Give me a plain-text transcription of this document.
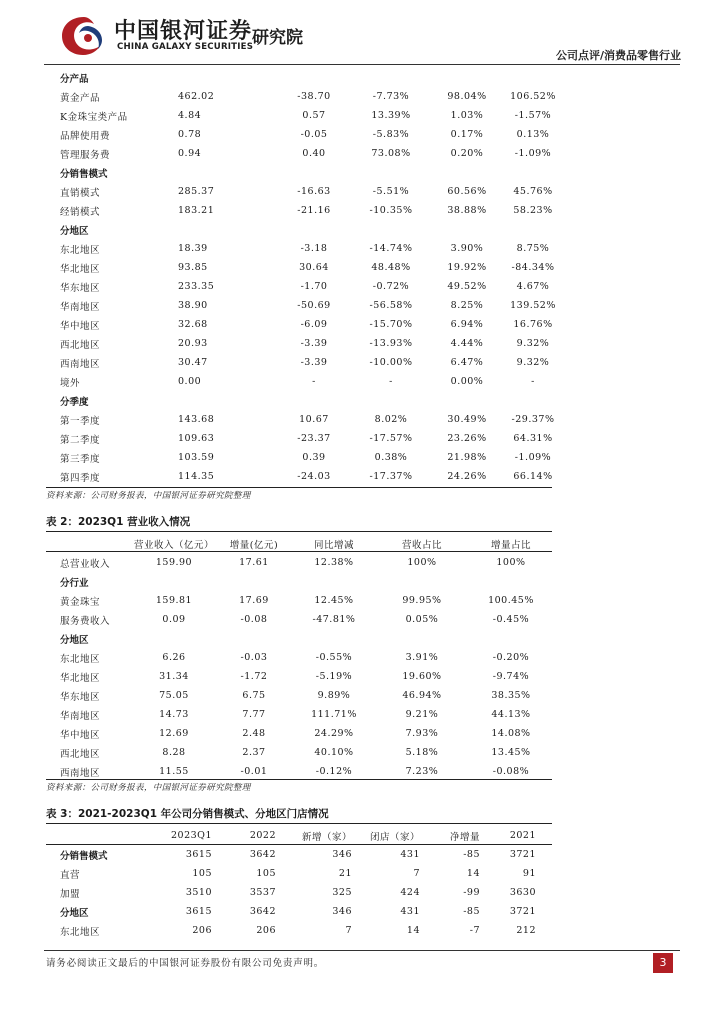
中国银河证券
CHINA GALAXY SECURITIES
研究院
公司点评/消费品零售行业
分产品					
黄金产品	462.02	-38.70	-7.73%	98.04%	106.52%
K金珠宝类产品	4.84	0.57	13.39%	1.03%	-1.57%
品牌使用费	0.78	-0.05	-5.83%	0.17%	0.13%
管理服务费	0.94	0.40	73.08%	0.20%	-1.09%
分销售模式					
直销模式	285.37	-16.63	-5.51%	60.56%	45.76%
经销模式	183.21	-21.16	-10.35%	38.88%	58.23%
分地区					
东北地区	18.39	-3.18	-14.74%	3.90%	8.75%
华北地区	93.85	30.64	48.48%	19.92%	-84.34%
华东地区	233.35	-1.70	-0.72%	49.52%	4.67%
华南地区	38.90	-50.69	-56.58%	8.25%	139.52%
华中地区	32.68	-6.09	-15.70%	6.94%	16.76%
西北地区	20.93	-3.39	-13.93%	4.44%	9.32%
西南地区	30.47	-3.39	-10.00%	6.47%	9.32%
境外	0.00	-	-	0.00%	-
分季度					
第一季度	143.68	10.67	8.02%	30.49%	-29.37%
第二季度	109.63	-23.37	-17.57%	23.26%	64.31%
第三季度	103.59	0.39	0.38%	21.98%	-1.09%
第四季度	114.35	-24.03	-17.37%	24.26%	66.14%
资料来源：公司财务报表，中国银河证券研究院整理
表 2：2023Q1 营业收入情况
	营业收入（亿元）	增量(亿元)	同比增减	营收占比	增量占比
总营业收入	159.90	17.61	12.38%	100%	100%
分行业					
黄金珠宝	159.81	17.69	12.45%	99.95%	100.45%
服务费收入	0.09	-0.08	-47.81%	0.05%	-0.45%
分地区					
东北地区	6.26	-0.03	-0.55%	3.91%	-0.20%
华北地区	31.34	-1.72	-5.19%	19.60%	-9.74%
华东地区	75.05	6.75	9.89%	46.94%	38.35%
华南地区	14.73	7.77	111.71%	9.21%	44.13%
华中地区	12.69	2.48	24.29%	7.93%	14.08%
西北地区	8.28	2.37	40.10%	5.18%	13.45%
西南地区	11.55	-0.01	-0.12%	7.23%	-0.08%
资料来源：公司财务报表，中国银河证券研究院整理
表 3：2021-2023Q1 年公司分销售模式、分地区门店情况
	2023Q1	2022	新增（家）	闭店（家）	净增量	2021
分销售模式	3615	3642	346	431	-85	3721
直营	105	105	21	7	14	91
加盟	3510	3537	325	424	-99	3630
分地区	3615	3642	346	431	-85	3721
东北地区	206	206	7	14	-7	212
请务必阅读正文最后的中国银河证券股份有限公司免责声明。	3
